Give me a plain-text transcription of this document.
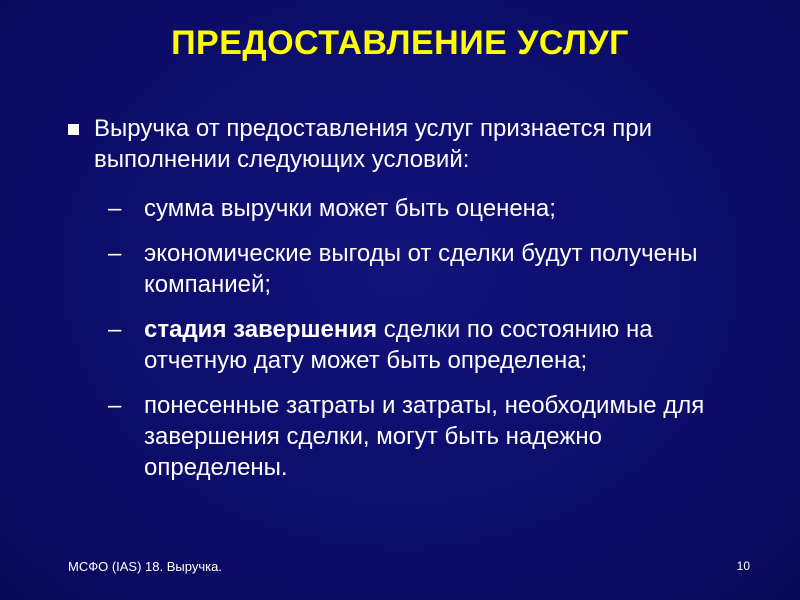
ПРЕДОСТАВЛЕНИЕ УСЛУГ
Выручка от предоставления услуг признается при выполнении следующих условий:
– сумма выручки может быть оценена;
– экономические выгоды от сделки будут получены компанией;
– стадия завершения сделки по состоянию на отчетную дату может быть определена;
– понесенные затраты и затраты, необходимые для завершения сделки, могут быть надежно определены.
МСФО (IAS) 18. Выручка.	10
